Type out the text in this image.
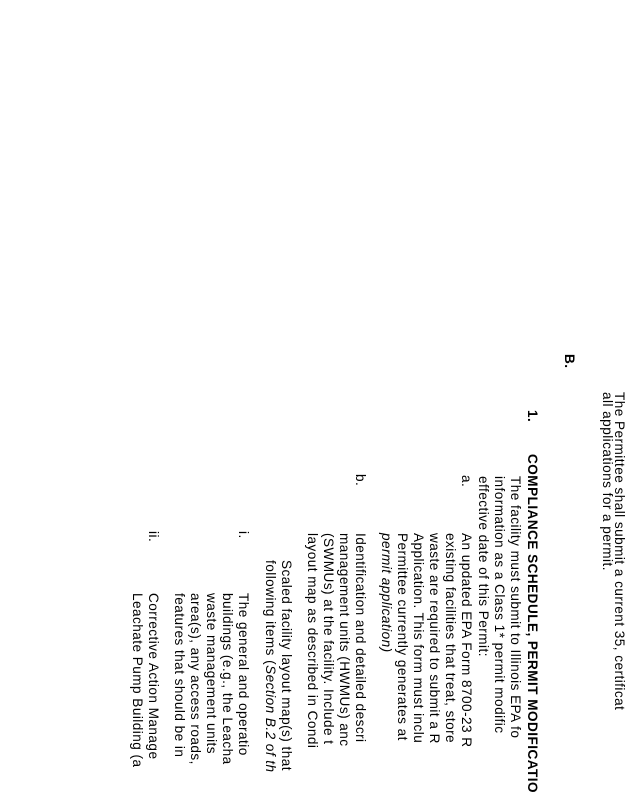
The Permittee shall submit a current 35, certificat
all applications for a permit.
B.
1.
COMPLIANCE SCHEDULE, PERMIT MODIFICATIO
The facility must submit to Illinois EPA fo
information as a Class 1* permit modific
effective date of this Permit:
a.
An updated EPA Form 8700-23 R
existing facilities that treat, store
waste are required to submit a R
Application. This form must inclu
Permittee currently generates at
permit application)
b.
Identification and detailed descri
management units (HWMUs) anc
(SWMUs) at the facility. Include t
layout map as described in Condi
Scaled facility layout map(s) that
following items (Section B.2 of th
i.
The general and operatio
buildings (e.g., the Leacha
waste management units
area(s), any access roads,
features that should be in
ii.
Corrective Action Manage
Leachate Pump Building (a
